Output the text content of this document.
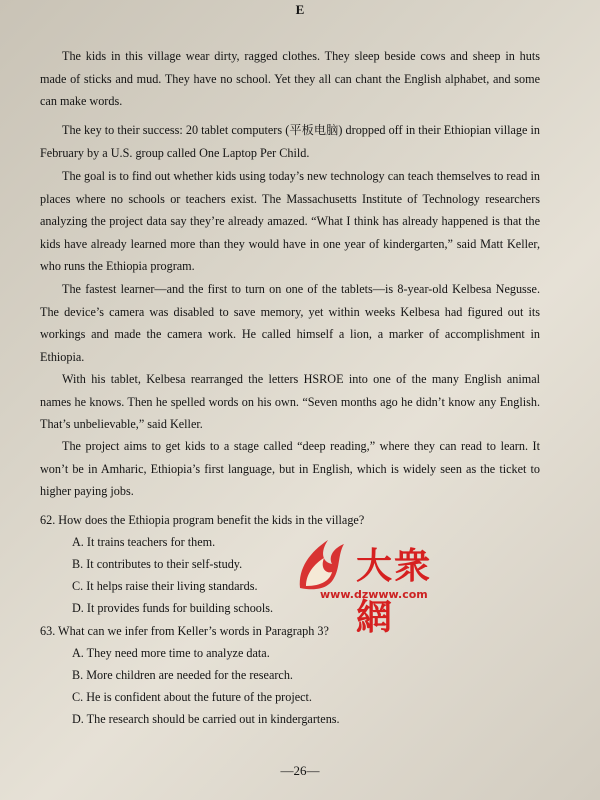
E

The kids in this village wear dirty, ragged clothes. They sleep beside cows and sheep in huts made of sticks and mud. They have no school. Yet they all can chant the English alphabet, and some can make words.

The key to their success: 20 tablet computers (平板电脑) dropped off in their Ethiopian village in February by a U.S. group called One Laptop Per Child.

The goal is to find out whether kids using today’s new technology can teach themselves to read in places where no schools or teachers exist. The Massachusetts Institute of Technology researchers analyzing the project data say they’re already amazed. “What I think has already happened is that the kids have already learned more than they would have in one year of kindergarten,” said Matt Keller, who runs the Ethiopia program.

The fastest learner—and the first to turn on one of the tablets—is 8-year-old Kelbesa Negusse. The device’s camera was disabled to save memory, yet within weeks Kelbesa had figured out its workings and made the camera work. He called himself a lion, a marker of accomplishment in Ethiopia.

With his tablet, Kelbesa rearranged the letters HSROE into one of the many English animal names he knows. Then he spelled words on his own. “Seven months ago he didn’t know any English. That’s unbelievable,” said Keller.

The project aims to get kids to a stage called “deep reading,” where they can read to learn. It won’t be in Amharic, Ethiopia’s first language, but in English, which is widely seen as the ticket to higher paying jobs.

62. How does the Ethiopia program benefit the kids in the village?
A. It trains teachers for them.
B. It contributes to their self-study.
C. It helps raise their living standards.
D. It provides funds for building schools.
63. What can we infer from Keller’s words in Paragraph 3?
A. They need more time to analyze data.
B. More children are needed for the research.
C. He is confident about the future of the project.
D. The research should be carried out in kindergartens.
大衆網
www.dzwww.com
—26—
